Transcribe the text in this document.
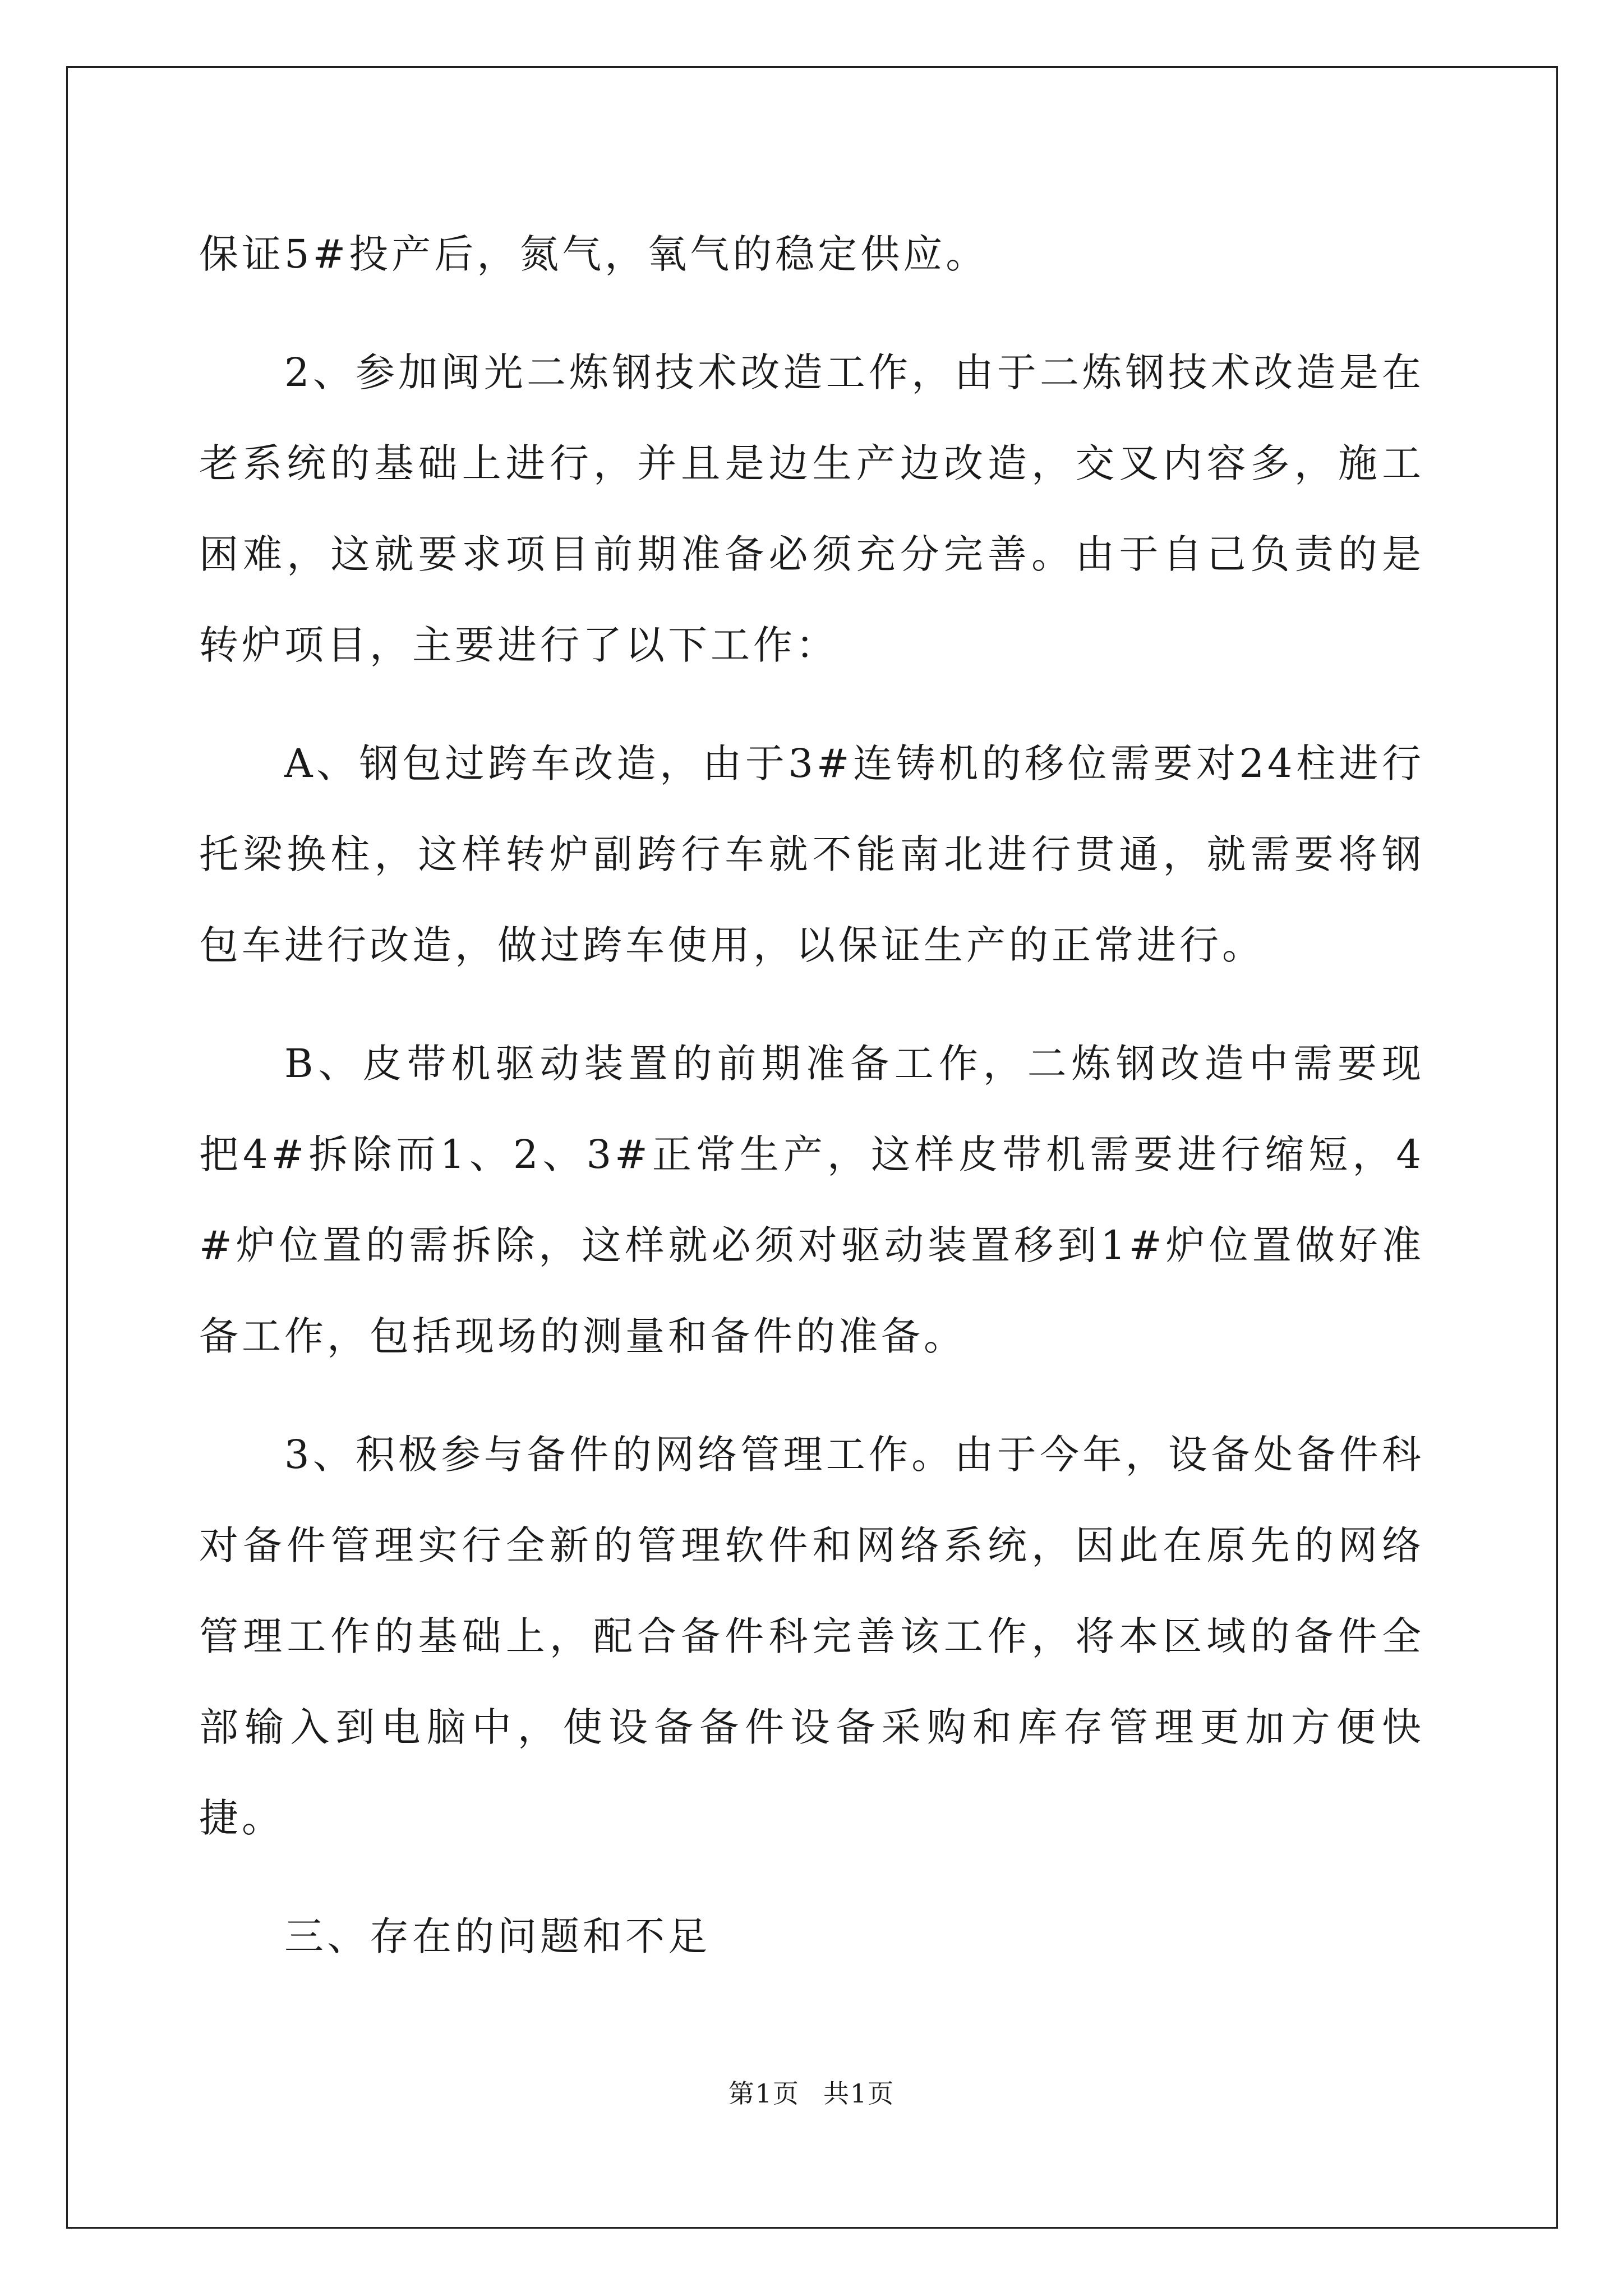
保证5#投产后，氮气，氧气的稳定供应。

2、参加闽光二炼钢技术改造工作，由于二炼钢技术改造是在老系统的基础上进行，并且是边生产边改造，交叉内容多，施工困难，这就要求项目前期准备必须充分完善。由于自己负责的是转炉项目，主要进行了以下工作：

A、钢包过跨车改造，由于3#连铸机的移位需要对24柱进行托梁换柱，这样转炉副跨行车就不能南北进行贯通，就需要将钢包车进行改造，做过跨车使用，以保证生产的正常进行。

B、皮带机驱动装置的前期准备工作，二炼钢改造中需要现把4#拆除而1、2、3#正常生产，这样皮带机需要进行缩短，4#炉位置的需拆除，这样就必须对驱动装置移到1#炉位置做好准备工作，包括现场的测量和备件的准备。

3、积极参与备件的网络管理工作。由于今年，设备处备件科对备件管理实行全新的管理软件和网络系统，因此在原先的网络管理工作的基础上，配合备件科完善该工作，将本区域的备件全部输入到电脑中，使设备备件设备采购和库存管理更加方便快捷。

三、存在的问题和不足

第1页 共1页
